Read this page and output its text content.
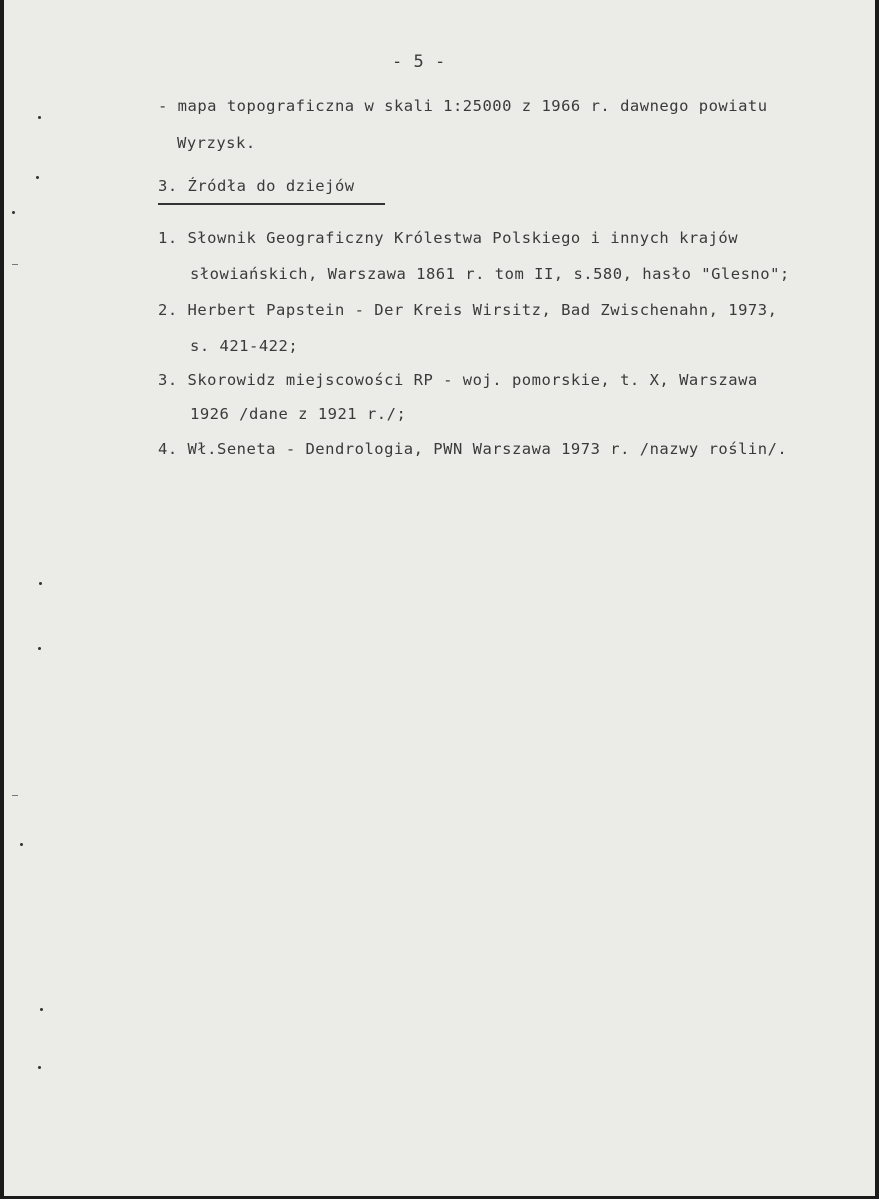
- 5 -
- mapa topograficzna w skali 1:25000 z 1966 r. dawnego powiatu
Wyrzysk.
3. Źródła do dziejów
1. Słownik Geograficzny Królestwa Polskiego i innych krajów
słowiańskich, Warszawa 1861 r. tom II, s.580, hasło "Glesno";
2. Herbert Papstein - Der Kreis Wirsitz, Bad Zwischenahn, 1973,
s. 421-422;
3. Skorowidz miejscowości RP - woj. pomorskie, t. X, Warszawa
1926 /dane z 1921 r./;
4. Wł.Seneta - Dendrologia, PWN Warszawa 1973 r. /nazwy roślin/.
